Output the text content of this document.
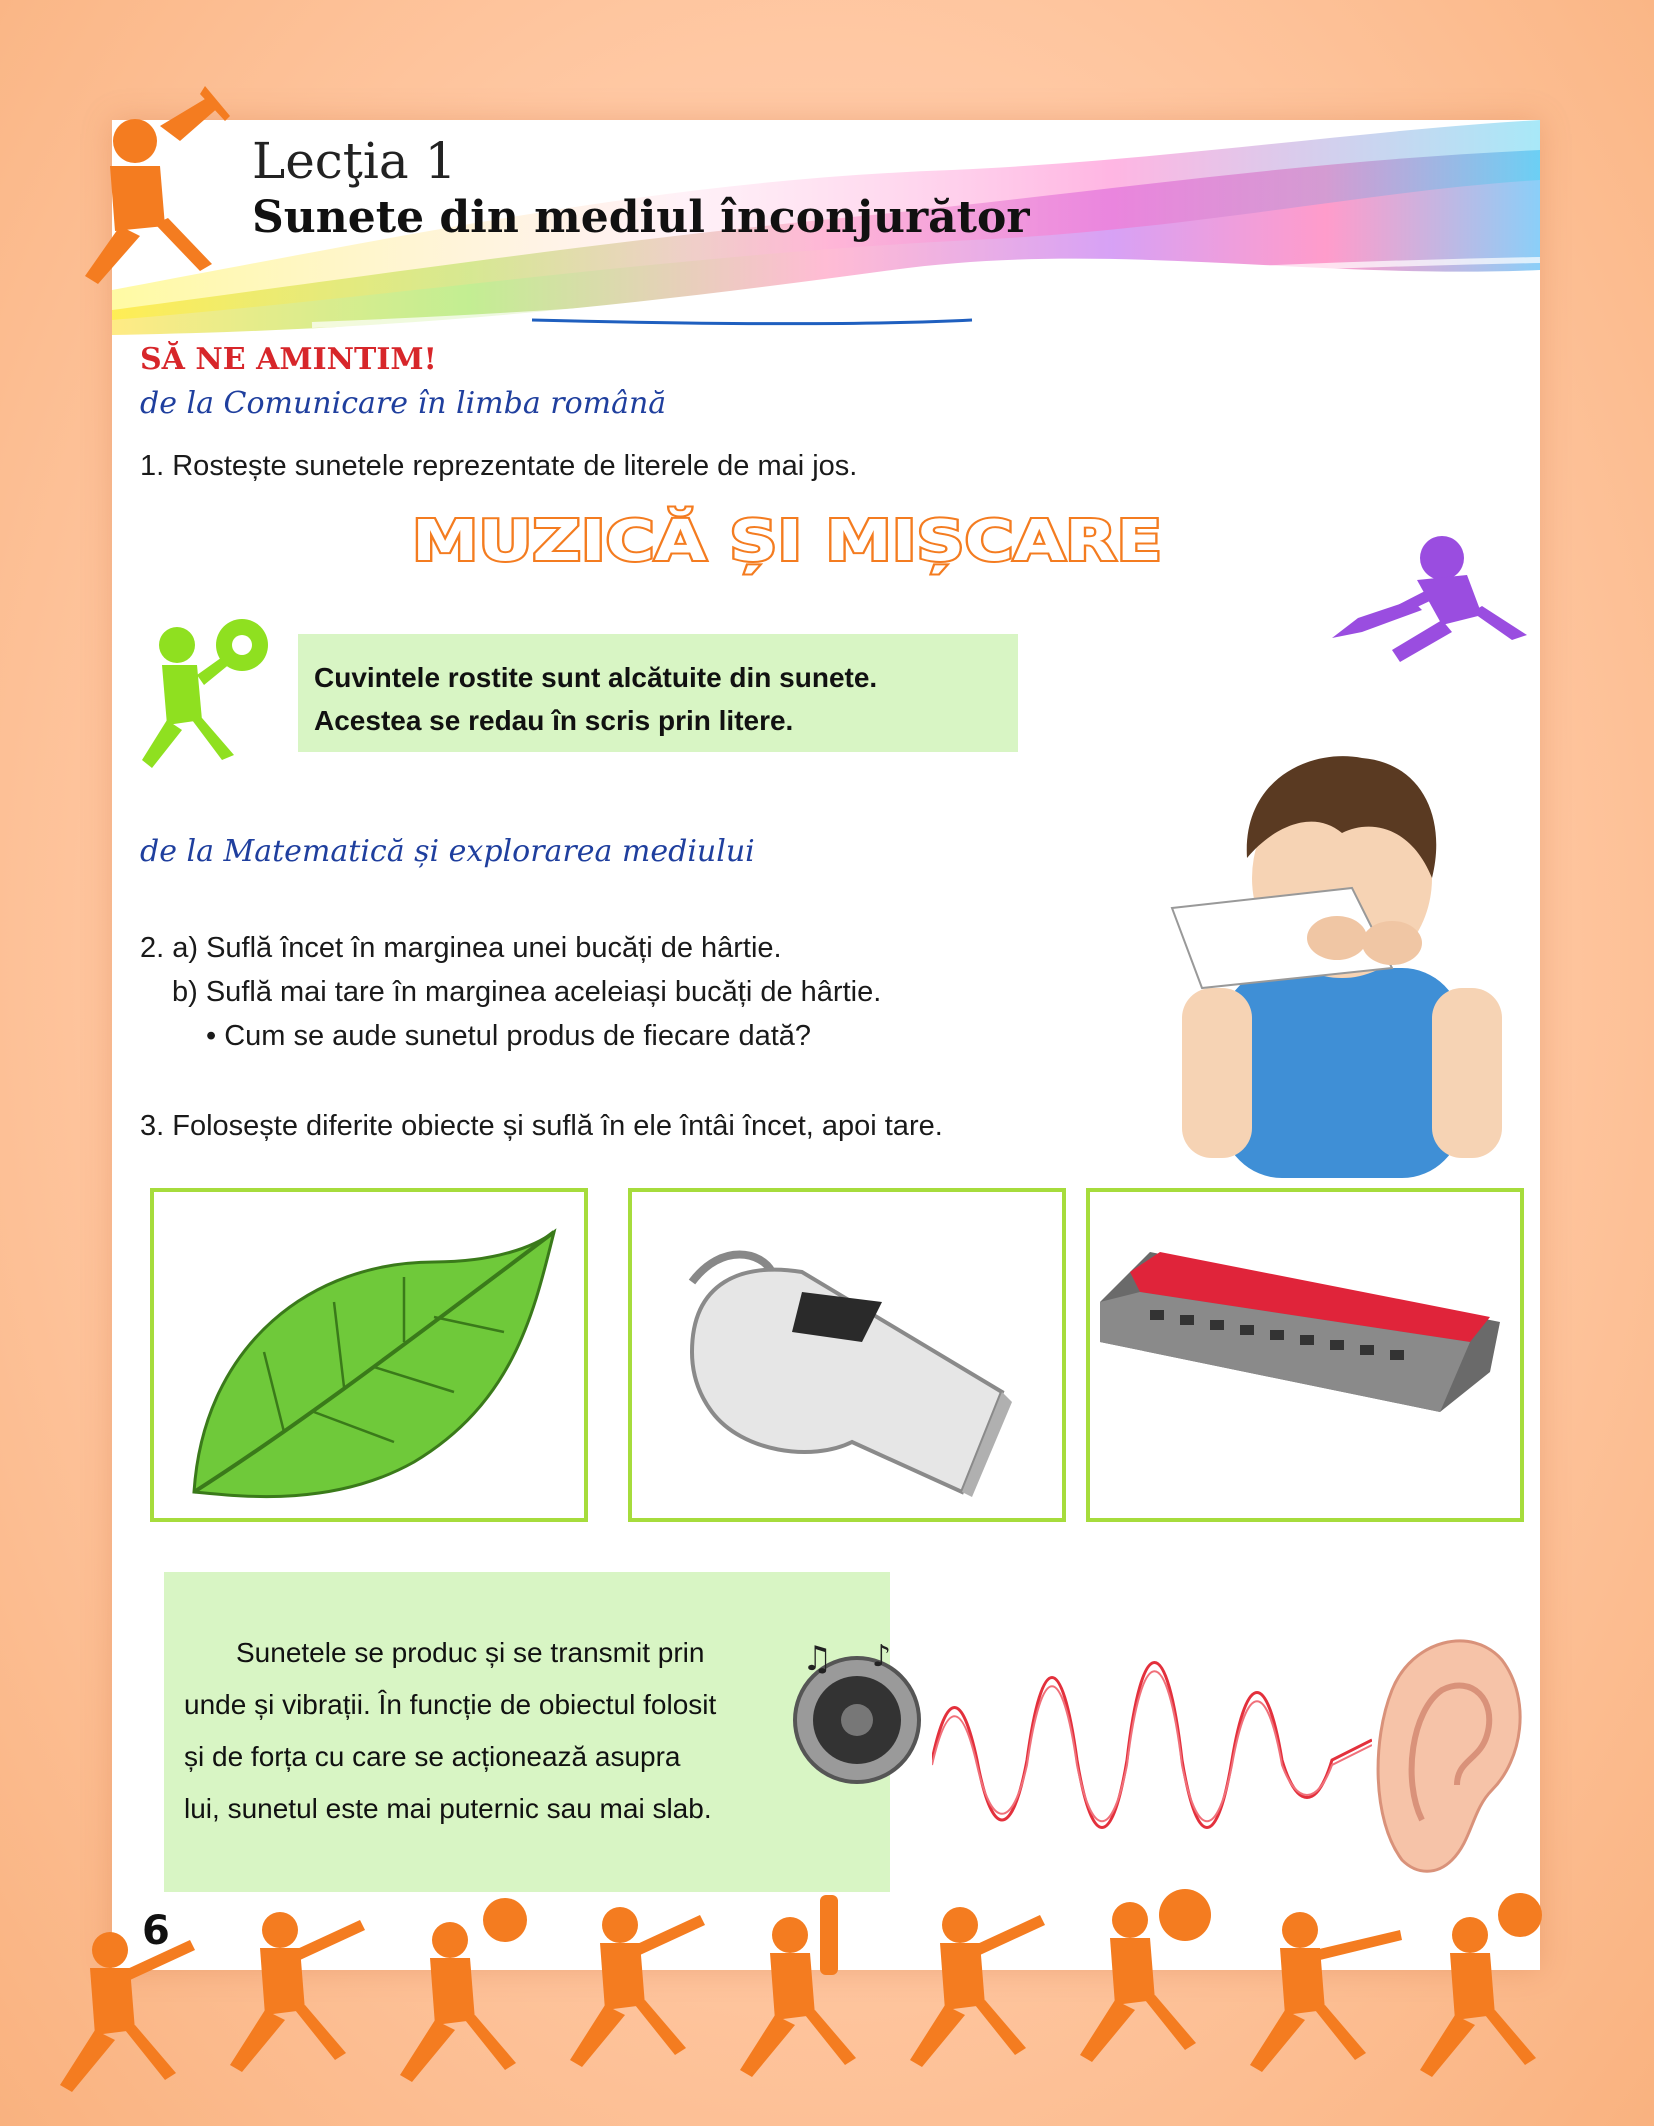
Lecţia 1
Sunete din mediul înconjurător
SĂ NE AMINTIM!
de la Comunicare în limba română
1. Rostește sunetele reprezentate de literele de mai jos.
MUZICĂ ȘI MIȘCARE
Cuvintele rostite sunt alcătuite din sunete.
Acestea se redau în scris prin litere.
de la Matematică și explorarea mediului
2. a) Suflă încet în marginea unei bucăți de hârtie.
b) Suflă mai tare în marginea aceleiași bucăți de hârtie.
• Cum se aude sunetul produs de fiecare dată?
3. Folosește diferite obiecte și suflă în ele întâi încet, apoi tare.

Sunetele se produc și se transmit prin

unde și vibrații. În funcție de obiectul folosit
și de forța cu care se acționează asupra
lui, sunetul este mai puternic sau mai slab.
♫ ♪
6
